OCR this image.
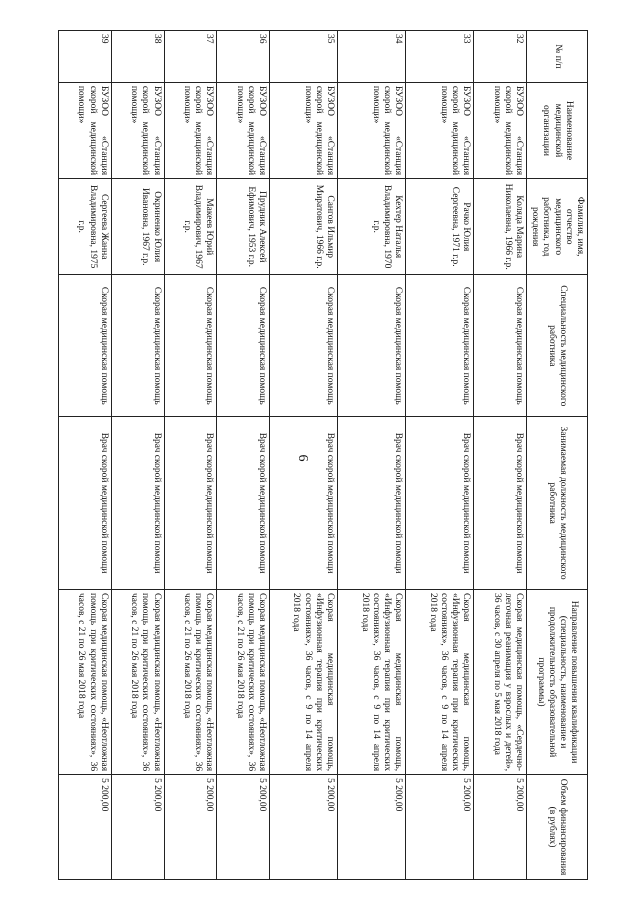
6
№ п/п	Наименование медицинской организации	Фамилия, имя, отчество медицинского работника, год рождения	Специальность медицинского работника	Занимаемая должность медицинского работника	Направление повышения квалификации (специальность, наименование и продолжительность образовательной программы)	Объем финансирования (в рублях)
32	БУЗОО «Станция скорой медицинской помощи»	Коляда Марина Николаевна, 1966 г.р.	Скорая медицинская помощь	Врач скорой медицинской помощи	Скорая медицинская помощь, «Сердечно-легочная реанимация у взрослых и детей», 36 часов, с 30 апреля по 5 мая 2018 года	5 200,00
33	БУЗОО «Станция скорой медицинской помощи»	Рачко Юлия Сергеевна, 1971 г.р.	Скорая медицинская помощь	Врач скорой медицинской помощи	Скорая медицинская помощь, «Инфузионная терапия при критических состояниях», 36 часов, с 9 по 14 апреля 2018 года	5 200,00
34	БУЗОО «Станция скорой медицинской помощи»	Кехтер Наталья Владимировна, 1970 г.р.	Скорая медицинская помощь	Врач скорой медицинской помощи	Скорая медицинская помощь, «Инфузионная терапия при критических состояниях», 36 часов, с 9 по 14 апреля 2018 года	5 200,00
35	БУЗОО «Станция скорой медицинской помощи»	Сангов Ильмир Миратович, 1966 г.р.	Скорая медицинская помощь	Врач скорой медицинской помощи	Скорая медицинская помощь, «Инфузионная терапия при критических состояниях», 36 часов, с 9 по 14 апреля 2018 года	5 200,00
36	БУЗОО «Станция скорой медицинской помощи»	Прудник Алексей Ефимович, 1953 г.р.	Скорая медицинская помощь	Врач скорой медицинской помощи	Скорая медицинская помощь, «Неотложная помощь при критических состояниях», 36 часов, с 21 по 26 мая 2018 года	5 200,00
37	БУЗОО «Станция скорой медицинской помощи»	Макеев Юрий Владимирович, 1967 г.р.	Скорая медицинская помощь	Врач скорой медицинской помощи	Скорая медицинская помощь, «Неотложная помощь при критических состояниях», 36 часов, с 21 по 26 мая 2018 года	5 200,00
38	БУЗОО «Станция скорой медицинской помощи»	Окриненко Юлия Ивановна, 1967 г.р.	Скорая медицинская помощь	Врач скорой медицинской помощи	Скорая медицинская помощь, «Неотложная помощь при критических состояниях», 36 часов, с 21 по 26 мая 2018 года	5 200,00
39	БУЗОО «Станция скорой медицинской помощи»	Сергеева Жанна Владимировна, 1975 г.р.	Скорая медицинская помощь	Врач скорой медицинской помощи	Скорая медицинская помощь, «Неотложная помощь при критических состояниях», 36 часов, с 21 по 26 мая 2018 года	5 200,00
